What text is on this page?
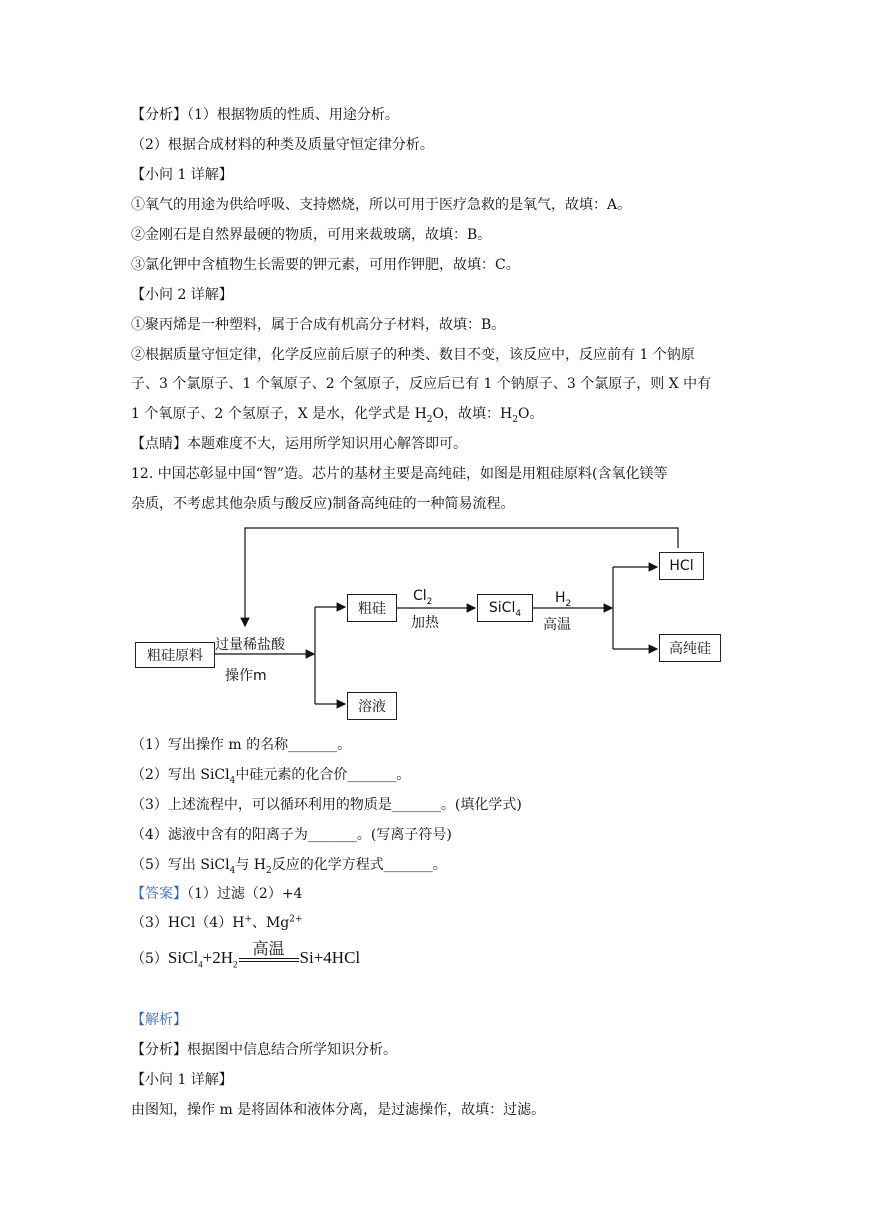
【分析】（1）根据物质的性质、用途分析。
（2）根据合成材料的种类及质量守恒定律分析。
【小问 1 详解】
①氧气的用途为供给呼吸、支持燃烧，所以可用于医疗急救的是氧气，故填：A。
②金刚石是自然界最硬的物质，可用来裁玻璃，故填：B。
③氯化钾中含植物生长需要的钾元素，可用作钾肥，故填：C。
【小问 2 详解】
①聚丙烯是一种塑料，属于合成有机高分子材料，故填：B。
②根据质量守恒定律，化学反应前后原子的种类、数目不变，该反应中，反应前有 1 个钠原
子、3 个氯原子、1 个氧原子、2 个氢原子，反应后已有 1 个钠原子、3 个氯原子，则 X 中有
1 个氧原子、2 个氢原子，X 是水，化学式是 $H_2O$，故填：$H_2O$。
【点睛】本题难度不大，运用所学知识用心解答即可。
12. 中国芯彰显中国“智”造。芯片的基材主要是高纯硅，如图是用粗硅原料(含氧化镁等
杂质，不考虑其他杂质与酸反应)制备高纯硅的一种简易流程。
（1）写出操作 m 的名称_______。
（2）写出 SiCl$_4$中硅元素的化合价_______。
（3）上述流程中，可以循环利用的物质是_______。(填化学式)
（4）滤液中含有的阳离子为_______。(写离子符号)
（5）写出 SiCl$_4$与 $H_2$反应的化学方程式_______。
【答案】（1）过滤（2）+4
（3）HCl（4）H+、$Mg^{2+}$
【解析】
【分析】根据图中信息结合所学知识分析。
【小问 1 详解】
由图知，操作 m 是将固体和液体分离，是过滤操作，故填：过滤。
粗硅原料
粗硅	SiCl$_4$
HCl
高纯硅
溶液
过量稀盐酸
操作m
$Cl_2$
加热
$H_2$
高温
$(5)SiCl_4+2H_2$
高温 Si+4HCl
